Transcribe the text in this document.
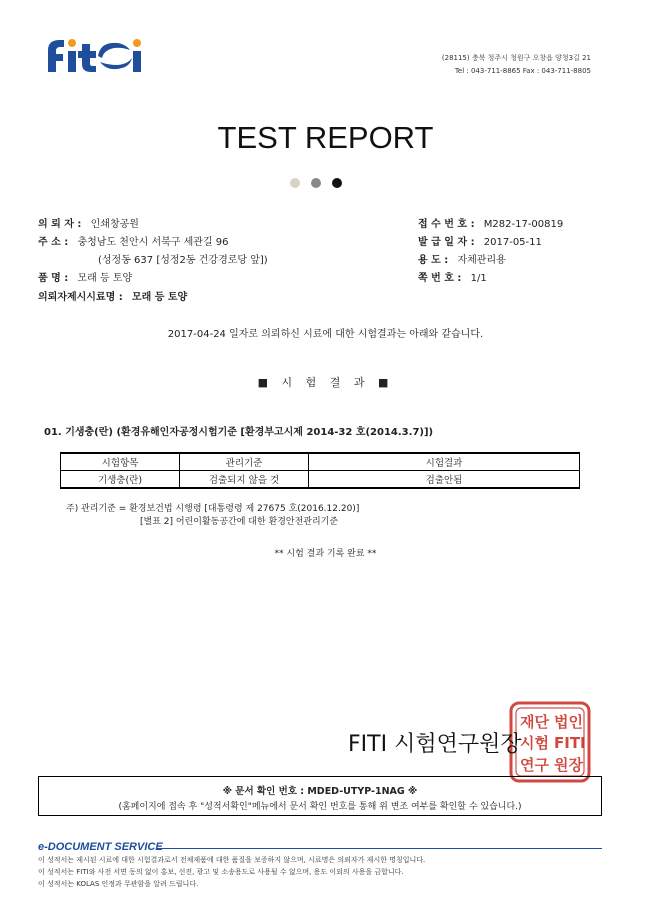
(28115) 충북 청주시 청원구 오창읍 양청3길 21
Tel : 043-711-8865 Fax : 043-711-8805
TEST REPORT
의 뢰 자 : 인쇄창공원
주 소 : 충청남도 천안시 서북구 세관길 96
(성정동 637 [성정2동 건강경로당 앞])
품 명 : 모래 등 토양
의뢰자제시시료명 : 모래 등 토양
접 수 번 호 : M282-17-00819
발 급 일 자 : 2017-05-11
용 도 : 자체관리용
쪽 번 호 : 1/1
2017-04-24 일자로 의뢰하신 시료에 대한 시험결과는 아래와 같습니다.
■ 시 험 결 과 ■
01. 기생충(란) (환경유해인자공정시험기준 [환경부고시제 2014-32 호(2014.3.7)])
시험항목	관리기준	시험결과
기생충(란)	검출되지 않을 것	검출안됨
주) 관리기준 = 환경보건법 시행령 [대통령령 제 27675 호(2016.12.20)]
[별표 2] 어린이활동공간에 대한 환경안전관리기준
** 시험 결과 기록 완료 **
재단 법인
시험 FITI
연구 원장
FITI 시험연구원장
※ 문서 확인 번호 : MDED-UTYP-1NAG ※
(홈페이지에 접속 후 "성적서확인"메뉴에서 문서 확인 번호를 통해 위 변조 여부를 확인할 수 있습니다.)
e-DOCUMENT SERVICE
이 성적서는 제시된 시료에 대한 시험결과로서 전체제품에 대한 품질을 보증하지 않으며, 시료명은 의뢰자가 제시한 명칭입니다.
이 성적서는 FITI와 사전 서면 동의 없이 홍보, 선전, 광고 및 소송용도로 사용될 수 없으며, 용도 이외의 사용을 금합니다.
이 성적서는 KOLAS 인정과 무관함을 알려 드립니다.
